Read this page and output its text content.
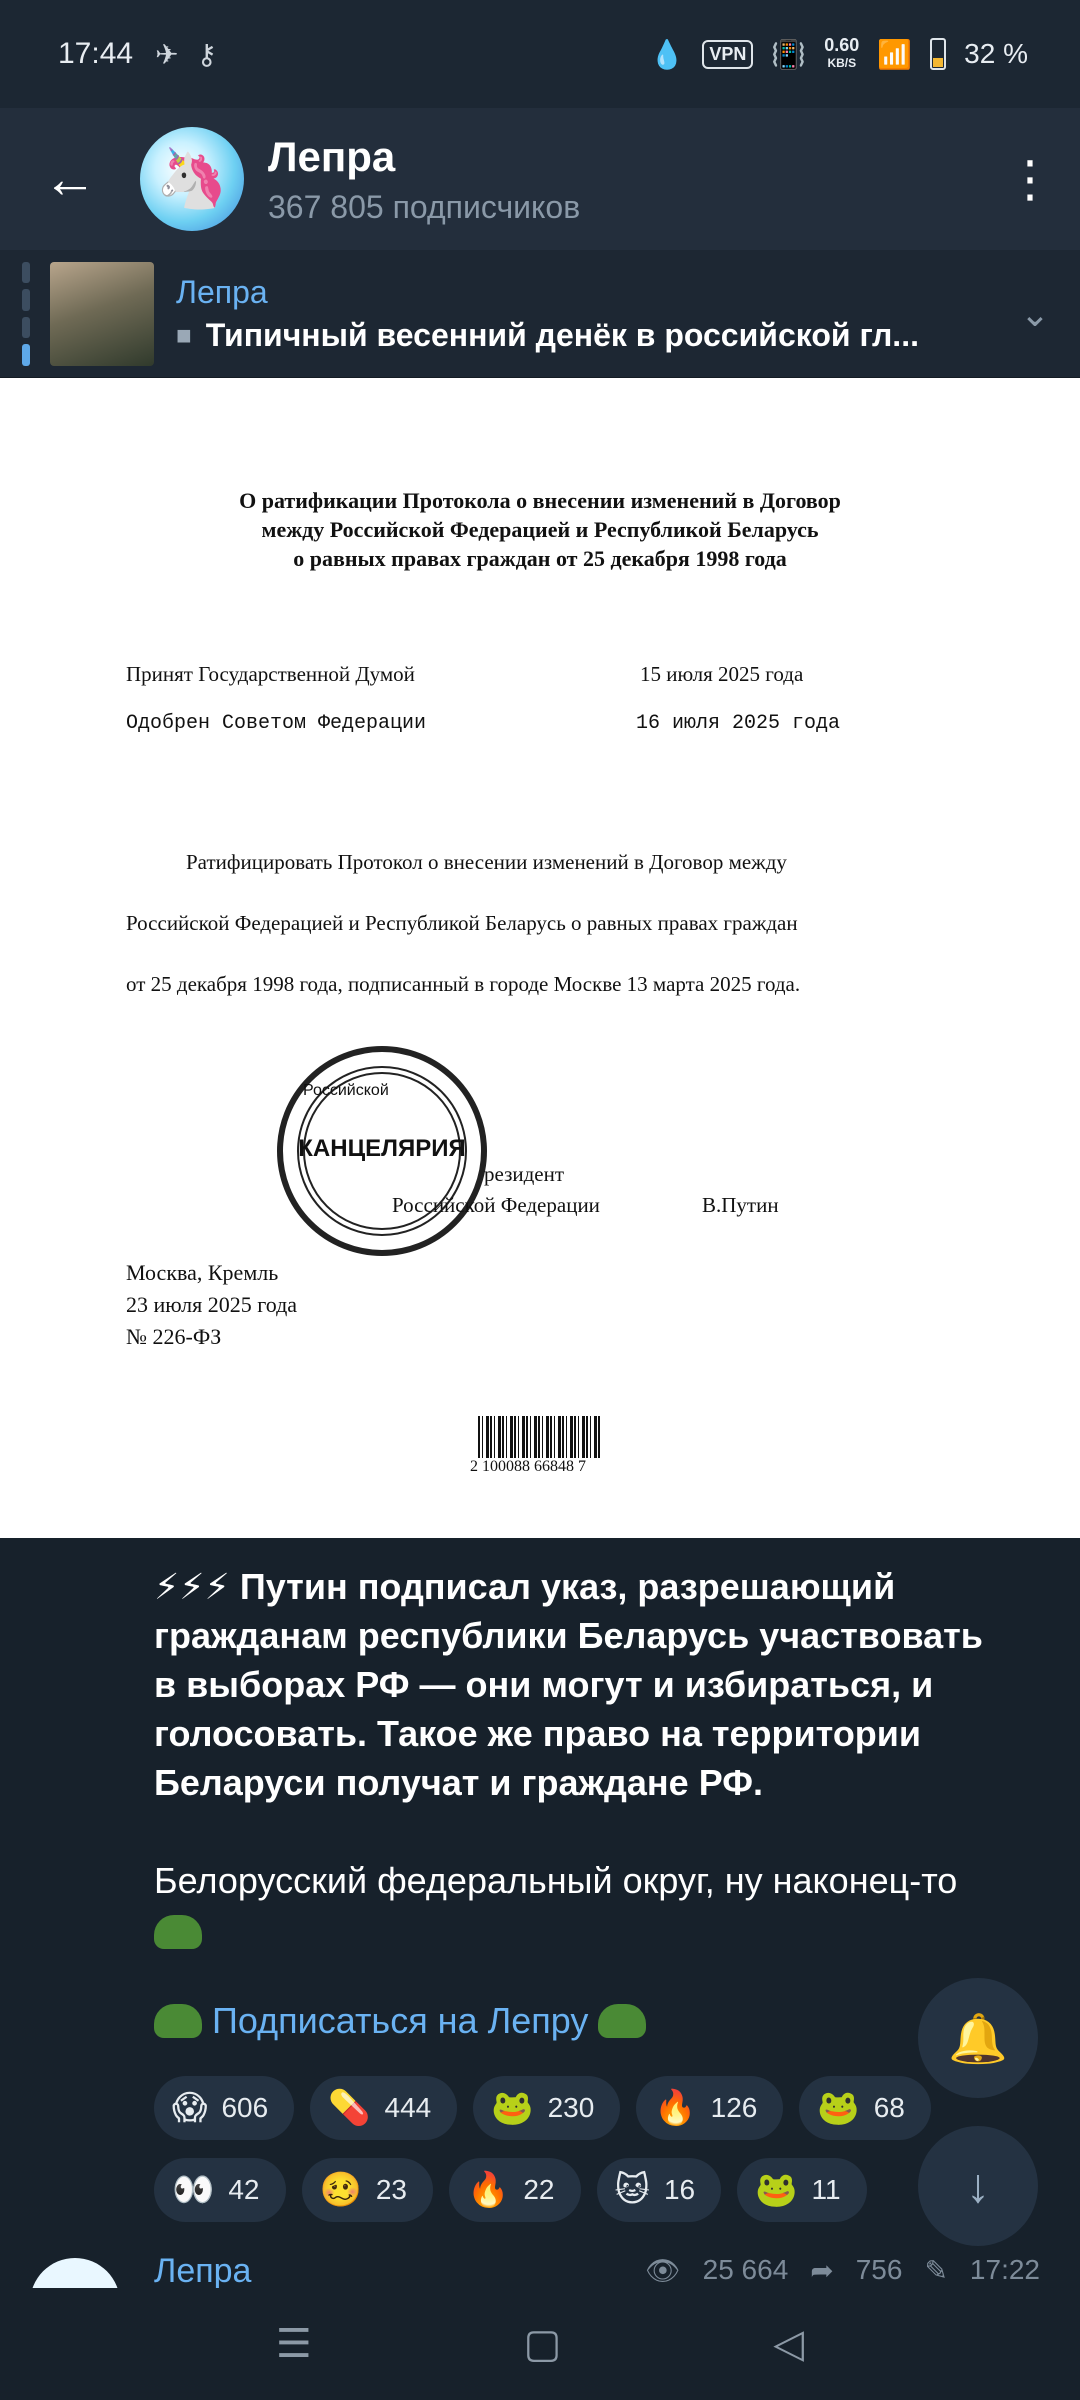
17:44 ✈ ⚷	💧	VPN 📳 0.60
KB/S 📶 32 %
←	🦄 Лепра
367 805 подписчиков	⋮
Лепра
■ Типичный весенний денёк в российской гл...
⌄
О ратификации Протокола о внесении изменений в Договор
между Российской Федерацией и Республикой Беларусь
о равных правах граждан от 25 декабря 1998 года
Принят Государственной Думой	15 июля 2025 года
Одобрен Советом Федерации	16 июля 2025 года
Ратифицировать Протокол о внесении изменений в Договор между
Российской Федерацией и Республикой Беларусь о равных правах граждан
от 25 декабря 1998 года, подписанный в городе Москве 13 марта 2025 года.
Российской
КАНЦЕЛЯРИЯ
резидент
Российской Федерации	В.Путин
Москва, Кремль
23 июля 2025 года
№ 226-ФЗ
2 100088 66848 7
⚡⚡⚡ Путин подписал указ, разрешающий гражданам республики Беларусь участвовать в выборах РФ — они могут и избираться, и голосовать. Такое же право на территории Беларуси получат и граждане РФ.

Белорусский федеральный округ, ну наконец-то
Подписаться на Лепру
😱 606 💊 444 🐸 230 🔥 126 🐸 68
👀 42 🥴 23 🔥 22 🐱 16 🐸 11
🔔
↓
Лепра	👁 25 664 ➦ 756 ✎ 17:22
☰	▢	◁
